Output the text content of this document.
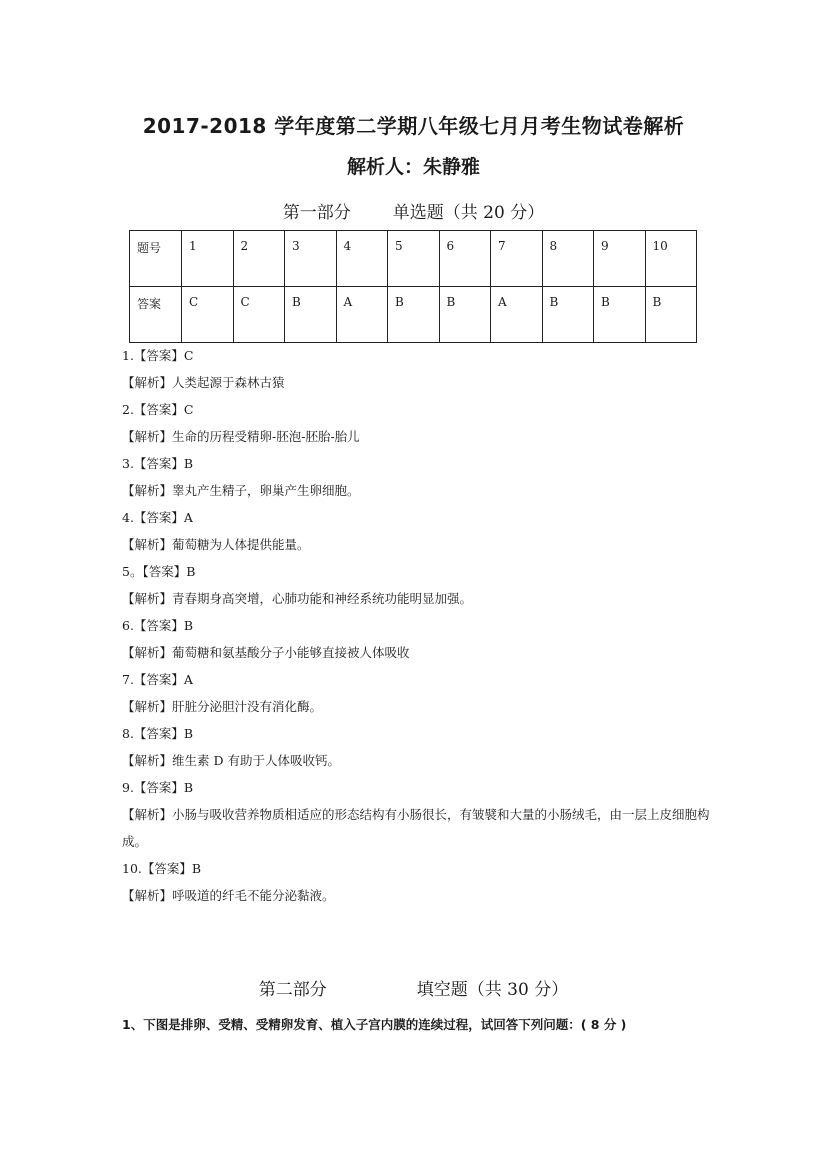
2017-2018 学年度第二学期八年级七月月考生物试卷解析
解析人：朱静雅
第一部分 单选题（共 20 分）
题号	1	2	3	4	5	6	7	8	9	10
答案	C	C	B	A	B	B	A	B	B	B
1.【答案】C
【解析】人类起源于森林古猿
2.【答案】C
【解析】生命的历程受精卵-胚泡-胚胎-胎儿
3.【答案】B
【解析】睾丸产生精子，卵巢产生卵细胞。
4.【答案】A
【解析】葡萄糖为人体提供能量。
5。【答案】B
【解析】青春期身高突增，心肺功能和神经系统功能明显加强。
6.【答案】B
【解析】葡萄糖和氨基酸分子小能够直接被人体吸收
7.【答案】A
【解析】肝脏分泌胆汁没有消化酶。
8.【答案】B
【解析】维生素 D 有助于人体吸收钙。
9.【答案】B
【解析】小肠与吸收营养物质相适应的形态结构有小肠很长，有皱襞和大量的小肠绒毛，由一层上皮细胞构成。
10.【答案】B
【解析】呼吸道的纤毛不能分泌黏液。
第二部分	填空题（共 30 分）
1、下图是排卵、受精、受精卵发育、植入子宫内膜的连续过程，试回答下列问题：( 8 分 )
